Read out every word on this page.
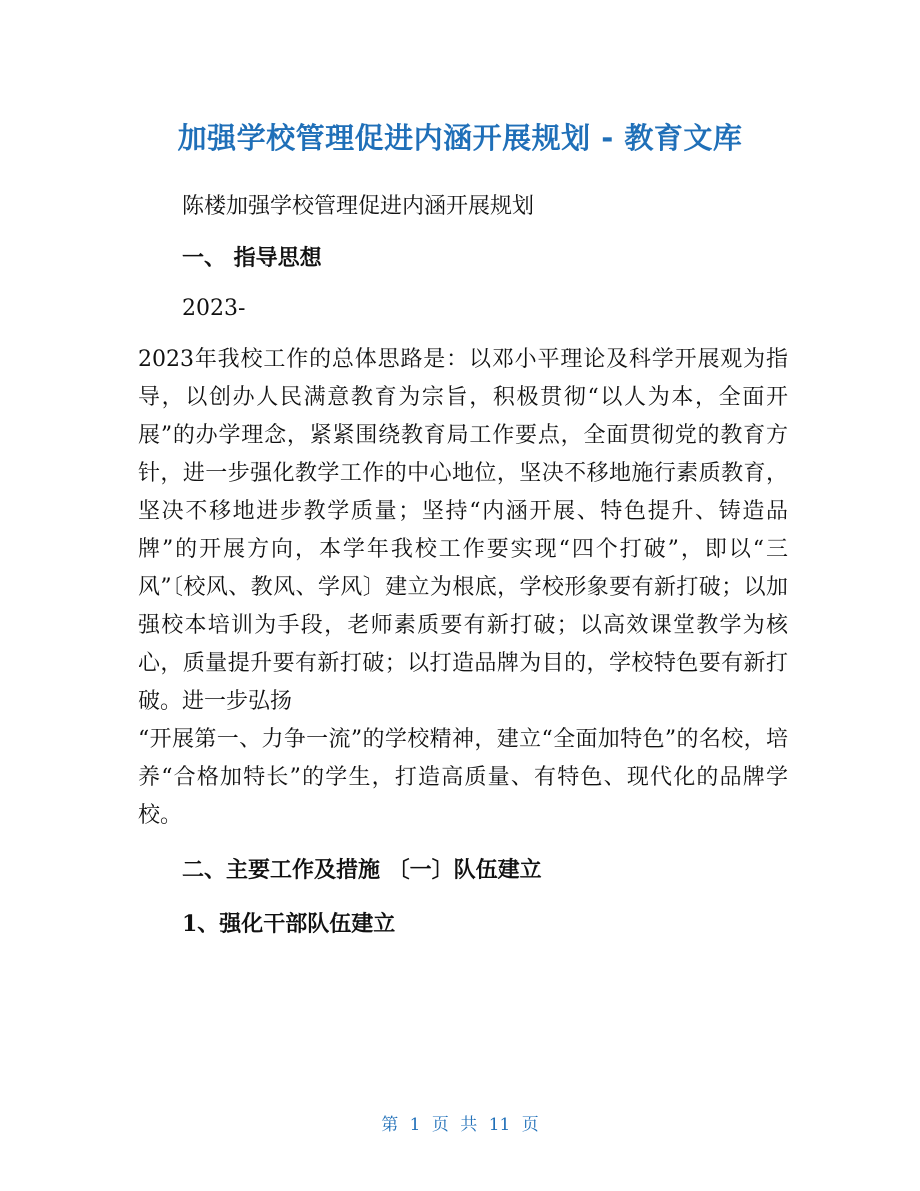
加强学校管理促进内涵开展规划 - 教育文库

陈楼加强学校管理促进内涵开展规划

一、 指导思想

2023-

2023年我校工作的总体思路是：以邓小平理论及科学开展观为指导，以创办人民满意教育为宗旨，积极贯彻“以人为本，全面开展”的办学理念，紧紧围绕教育局工作要点，全面贯彻党的教育方针，进一步强化教学工作的中心地位，坚决不移地施行素质教育，坚决不移地进步教学质量；坚持“内涵开展、特色提升、铸造品牌”的开展方向，本学年我校工作要实现“四个打破”，即以“三风”〔校风、教风、学风〕建立为根底，学校形象要有新打破；以加强校本培训为手段，老师素质要有新打破；以高效课堂教学为核心，质量提升要有新打破；以打造品牌为目的，学校特色要有新打破。进一步弘扬

“开展第一、力争一流”的学校精神，建立“全面加特色”的名校，培养“合格加特长”的学生，打造高质量、有特色、现代化的品牌学校。

二、主要工作及措施 〔一〕队伍建立

1、强化干部队伍建立

第 1 页 共 11 页
